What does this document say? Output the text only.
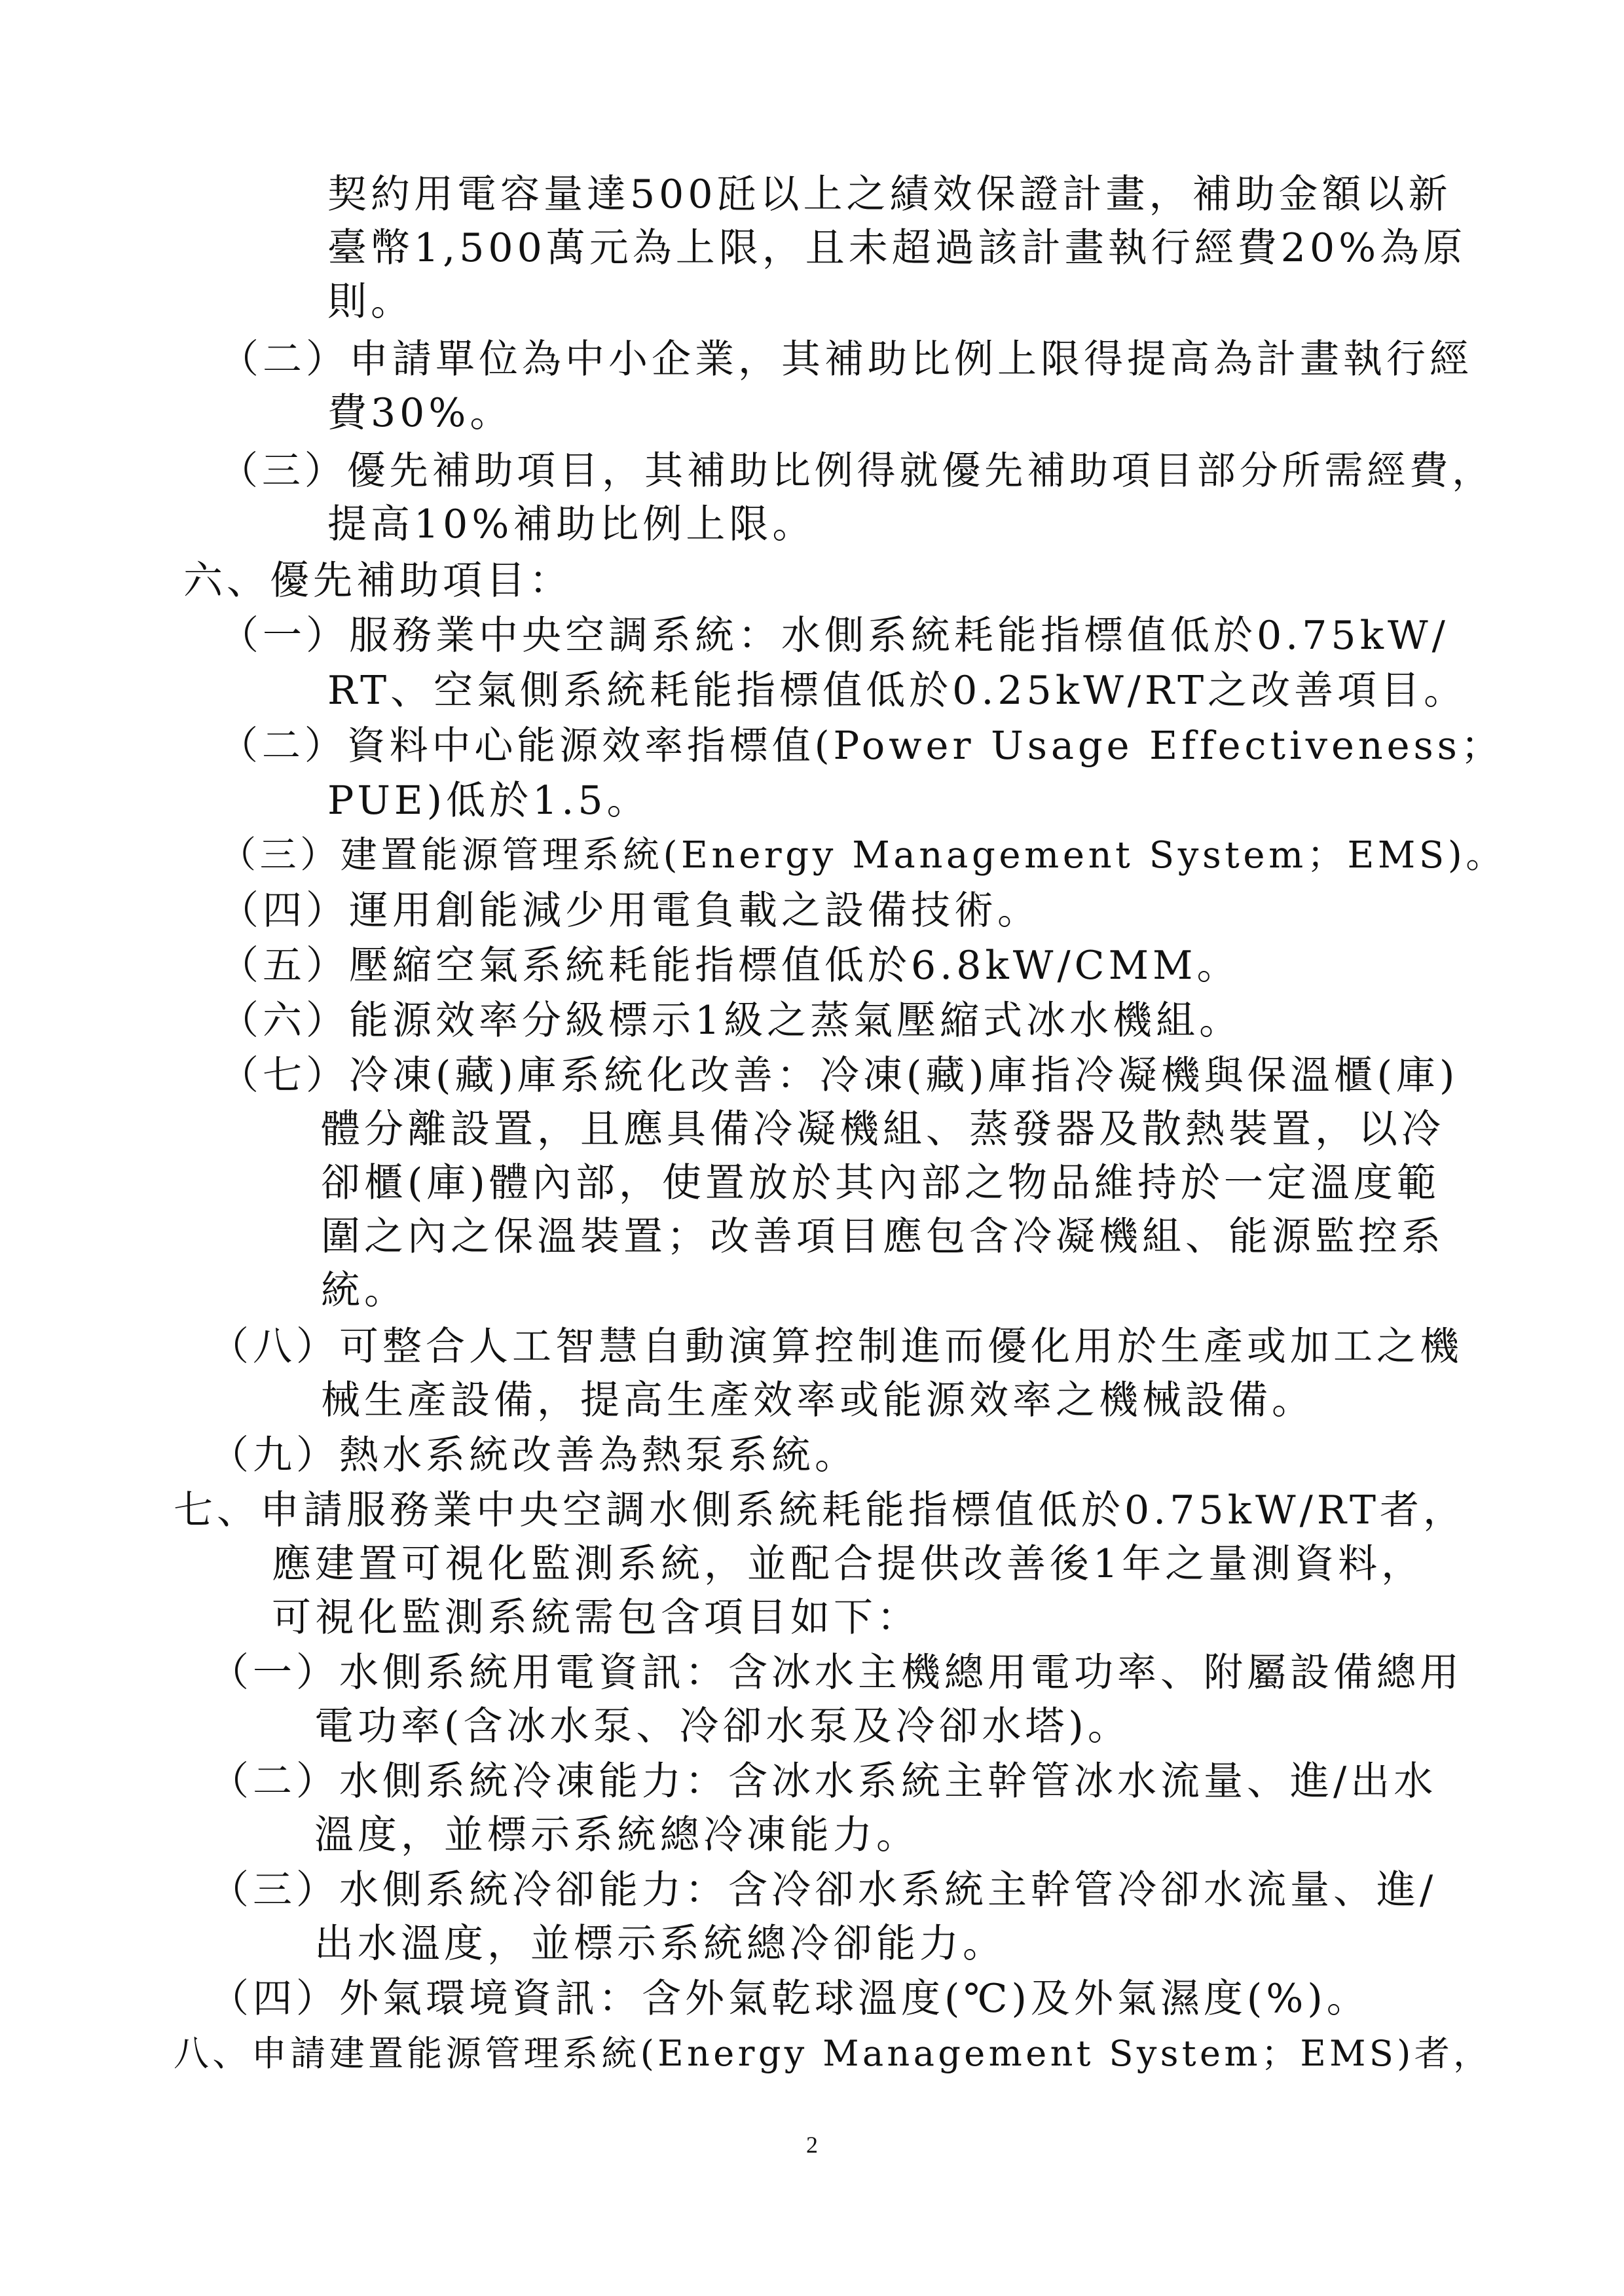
契約用電容量達500瓩以上之績效保證計畫，補助金額以新
臺幣1,500萬元為上限，且未超過該計畫執行經費20%為原
則。
（二）申請單位為中小企業，其補助比例上限得提高為計畫執行經
費30%。
（三）優先補助項目，其補助比例得就優先補助項目部分所需經費，
提高10%補助比例上限。
六、優先補助項目：
（一）服務業中央空調系統：水側系統耗能指標值低於0.75kW/
RT、空氣側系統耗能指標值低於0.25kW/RT之改善項目。
（二）資料中心能源效率指標值(Power Usage Effectiveness；
PUE)低於1.5。
（三）建置能源管理系統(Energy Management System；EMS)。
（四）運用創能減少用電負載之設備技術。
（五）壓縮空氣系統耗能指標值低於6.8kW/CMM。
（六）能源效率分級標示1級之蒸氣壓縮式冰水機組。
（七）冷凍(藏)庫系統化改善：冷凍(藏)庫指冷凝機與保溫櫃(庫)
體分離設置，且應具備冷凝機組、蒸發器及散熱裝置，以冷
卻櫃(庫)體內部，使置放於其內部之物品維持於一定溫度範
圍之內之保溫裝置；改善項目應包含冷凝機組、能源監控系
統。
（八）可整合人工智慧自動演算控制進而優化用於生產或加工之機
械生產設備，提高生產效率或能源效率之機械設備。
（九）熱水系統改善為熱泵系統。
七、申請服務業中央空調水側系統耗能指標值低於0.75kW/RT者，
應建置可視化監測系統，並配合提供改善後1年之量測資料，
可視化監測系統需包含項目如下：
（一）水側系統用電資訊：含冰水主機總用電功率、附屬設備總用
電功率(含冰水泵、冷卻水泵及冷卻水塔)。
（二）水側系統冷凍能力：含冰水系統主幹管冰水流量、進/出水
溫度，並標示系統總冷凍能力。
（三）水側系統冷卻能力：含冷卻水系統主幹管冷卻水流量、進/
出水溫度，並標示系統總冷卻能力。
（四）外氣環境資訊：含外氣乾球溫度(℃)及外氣濕度(%)。
八、申請建置能源管理系統(Energy Management System；EMS)者，
2
